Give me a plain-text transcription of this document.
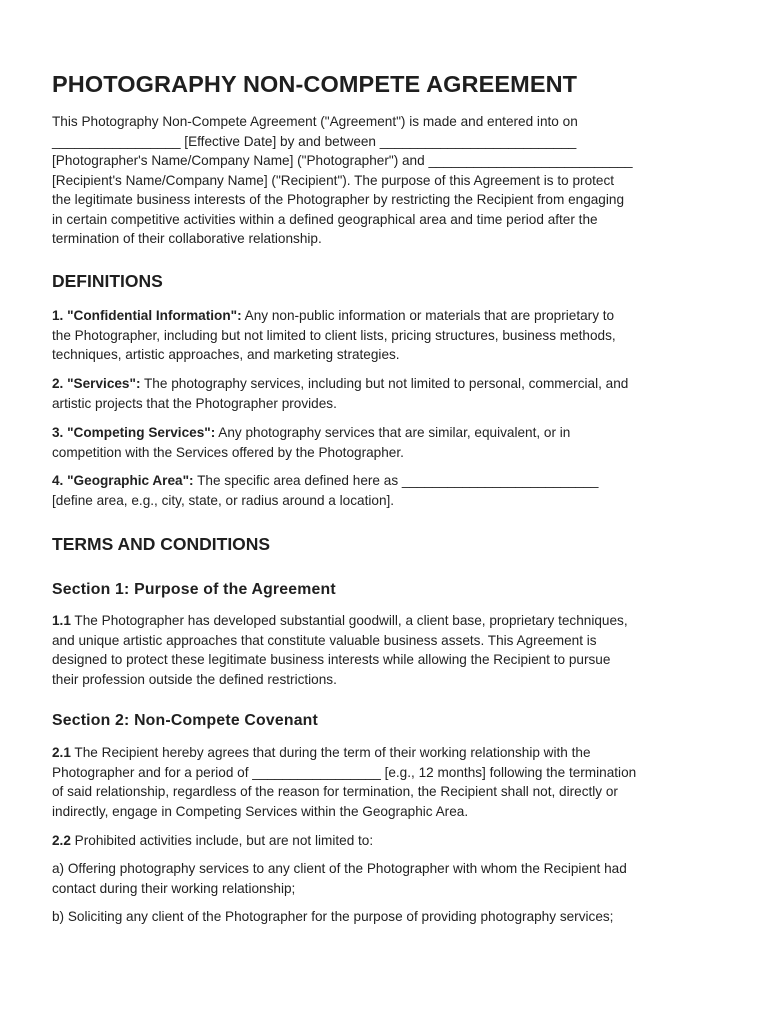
PHOTOGRAPHY NON-COMPETE AGREEMENT
This Photography Non-Compete Agreement ("Agreement") is made and entered into on
_________________ [Effective Date] by and between __________________________
[Photographer's Name/Company Name] ("Photographer") and ___________________________
[Recipient's Name/Company Name] ("Recipient"). The purpose of this Agreement is to protect
the legitimate business interests of the Photographer by restricting the Recipient from engaging
in certain competitive activities within a defined geographical area and time period after the
termination of their collaborative relationship.
DEFINITIONS
1. "Confidential Information": Any non-public information or materials that are proprietary to
the Photographer, including but not limited to client lists, pricing structures, business methods,
techniques, artistic approaches, and marketing strategies.
2. "Services": The photography services, including but not limited to personal, commercial, and
artistic projects that the Photographer provides.
3. "Competing Services": Any photography services that are similar, equivalent, or in
competition with the Services offered by the Photographer.
4. "Geographic Area": The specific area defined here as __________________________
[define area, e.g., city, state, or radius around a location].
TERMS AND CONDITIONS
Section 1: Purpose of the Agreement
1.1 The Photographer has developed substantial goodwill, a client base, proprietary techniques,
and unique artistic approaches that constitute valuable business assets. This Agreement is
designed to protect these legitimate business interests while allowing the Recipient to pursue
their profession outside the defined restrictions.
Section 2: Non-Compete Covenant
2.1 The Recipient hereby agrees that during the term of their working relationship with the
Photographer and for a period of _________________ [e.g., 12 months] following the termination
of said relationship, regardless of the reason for termination, the Recipient shall not, directly or
indirectly, engage in Competing Services within the Geographic Area.
2.2 Prohibited activities include, but are not limited to:
a) Offering photography services to any client of the Photographer with whom the Recipient had
contact during their working relationship;
b) Soliciting any client of the Photographer for the purpose of providing photography services;
